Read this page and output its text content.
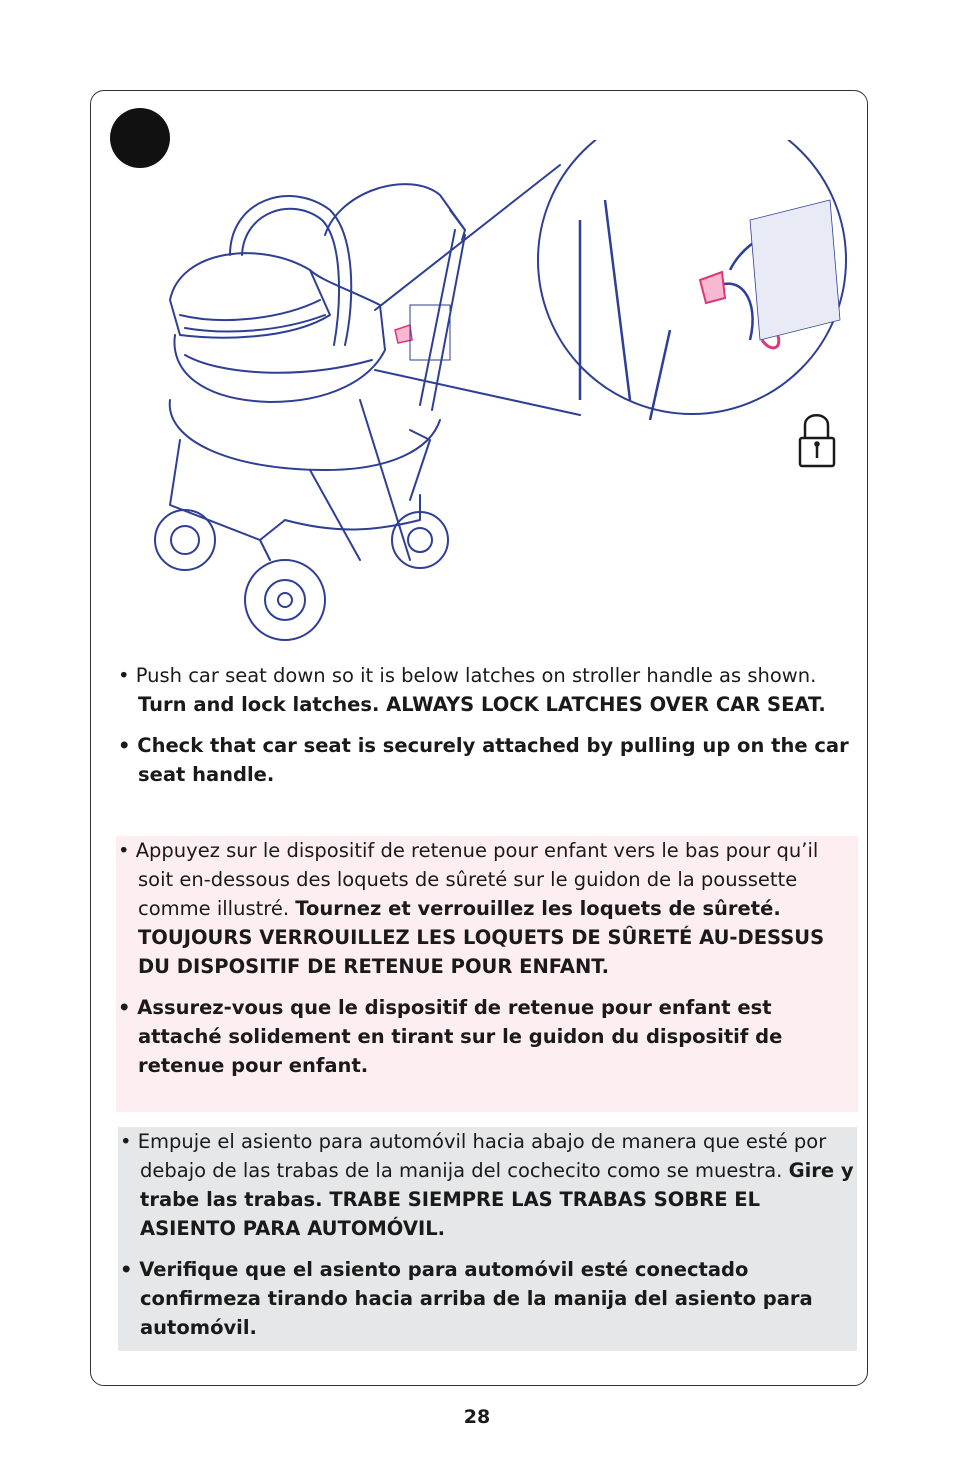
• Push car seat down so it is below latches on stroller handle as shown. Turn and lock latches. ALWAYS LOCK LATCHES OVER CAR SEAT.

• Check that car seat is securely attached by pulling up on the car seat handle.

• Appuyez sur le dispositif de retenue pour enfant vers le bas pour qu’il soit en-dessous des loquets de sûreté sur le guidon de la poussette comme illustré. Tournez et verrouillez les loquets de sûreté. TOUJOURS VERROUILLEZ LES LOQUETS DE SÛRETÉ AU-DESSUS DU DISPOSITIF DE RETENUE POUR ENFANT.

• Assurez-vous que le dispositif de retenue pour enfant est attaché solidement en tirant sur le guidon du dispositif de retenue pour enfant.

• Empuje el asiento para automóvil hacia abajo de manera que esté por debajo de las trabas de la manija del cochecito como se muestra. Gire y trabe las trabas. TRABE SIEMPRE LAS TRABAS SOBRE EL ASIENTO PARA AUTOMÓVIL.

• Verifique que el asiento para automóvil esté conectado confirmeza tirando hacia arriba de la manija del asiento para automóvil.

28
